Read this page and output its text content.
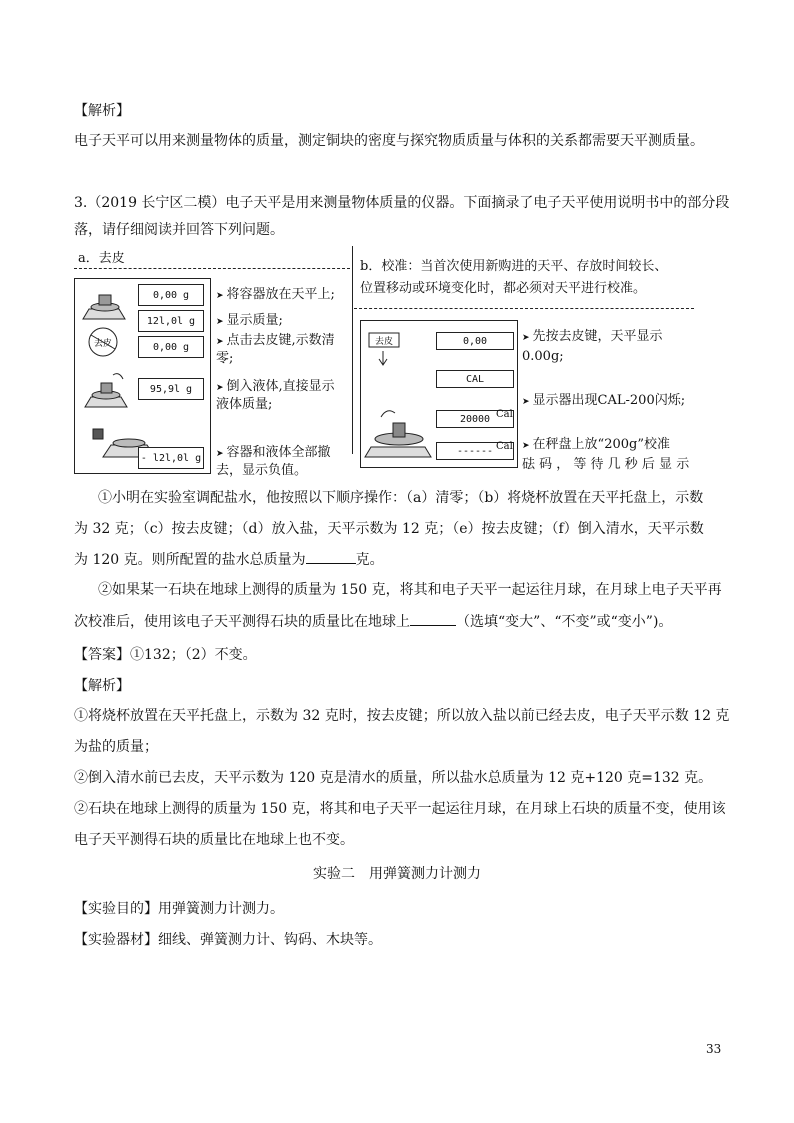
【解析】
电子天平可以用来测量物体的质量，测定铜块的密度与探究物质质量与体积的关系都需要天平测质量。
3.（2019 长宁区二模）电子天平是用来测量物体质量的仪器。下面摘录了电子天平使用说明书中的部分段
落，请仔细阅读并回答下列问题。
a．去皮
去皮
0,00 g
12l,0l g
0,00 g
95,9l g
- l2l,0l g
➤ 将容器放在天平上;
➤ 显示质量;
➤ 点击去皮键,示数清
零;
➤ 倒入液体,直接显示
液体质量;
➤ 容器和液体全部撤
去，显示负值。
b．校准：当首次使用新购进的天平、存放时间较长、
位置移动或环境变化时，都必须对天平进行校准。
去皮	0,00
CAL
20000
------
Cal
Cal
➤ 先按去皮键，天平显示
0.00g;
➤ 显示器出现CAL-200闪烁;
➤ 在秤盘上放“200g”校准
砝 码 ， 等 待 几 秒 后 显 示
①小明在实验室调配盐水，他按照以下顺序操作：（a）清零；（b）将烧杯放置在天平托盘上，示数
为 32 克；（c）按去皮键；（d）放入盐，天平示数为 12 克；（e）按去皮键；（f）倒入清水，天平示数
为 120 克。则所配置的盐水总质量为	克。
②如果某一石块在地球上测得的质量为 150 克，将其和电子天平一起运往月球，在月球上电子天平再
次校准后，使用该电子天平测得石块的质量比在地球上	（选填“变大”、“不变”或“变小”)。
【答案】①132；（2）不变。
【解析】
①将烧杯放置在天平托盘上，示数为 32 克时，按去皮键；所以放入盐以前已经去皮，电子天平示数 12 克
为盐的质量；
②倒入清水前已去皮，天平示数为 120 克是清水的质量，所以盐水总质量为 12 克+120 克=132 克。
②石块在地球上测得的质量为 150 克，将其和电子天平一起运往月球，在月球上石块的质量不变，使用该
电子天平测得石块的质量比在地球上也不变。
实验二　用弹簧测力计测力
【实验目的】用弹簧测力计测力。
【实验器材】细线、弹簧测力计、钩码、木块等。
33
